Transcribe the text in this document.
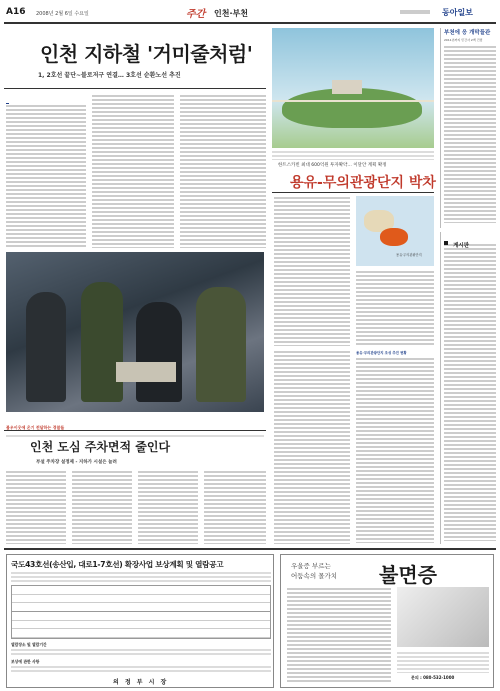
A16 2008년 2월 6일 수요일	주간 인천·부천	동아일보
인천 지하철 '거미줄처럼'
1, 2호선 끝단~블로저구 연결… 3호선 순환노선 추진
불우이웃에 온기 전달하는 경찰들
인천 도심 주차면적 줄인다
부설 주차장 설정제 - 지하가 시설은 늘려
한트스카빈 최대 600억원 투자확약… 이달안 계획 확정
용유-무의관광단지 박차
용유·무의관광단지
용유·무의관광단지 조성 추진 현황
부천에 응 개막들관
2011년까지 민간사 2백 건립
게시판
국도43호선(송산입, 대로1-7호선) 확장사업 보상계획 및 열람공고
열람장소 및 열람기간
보상에 관한 사항
의 정 부 시 장
우울증 부르는
어둠속의 몰가치 불면증
문의 : 080-532-1000
